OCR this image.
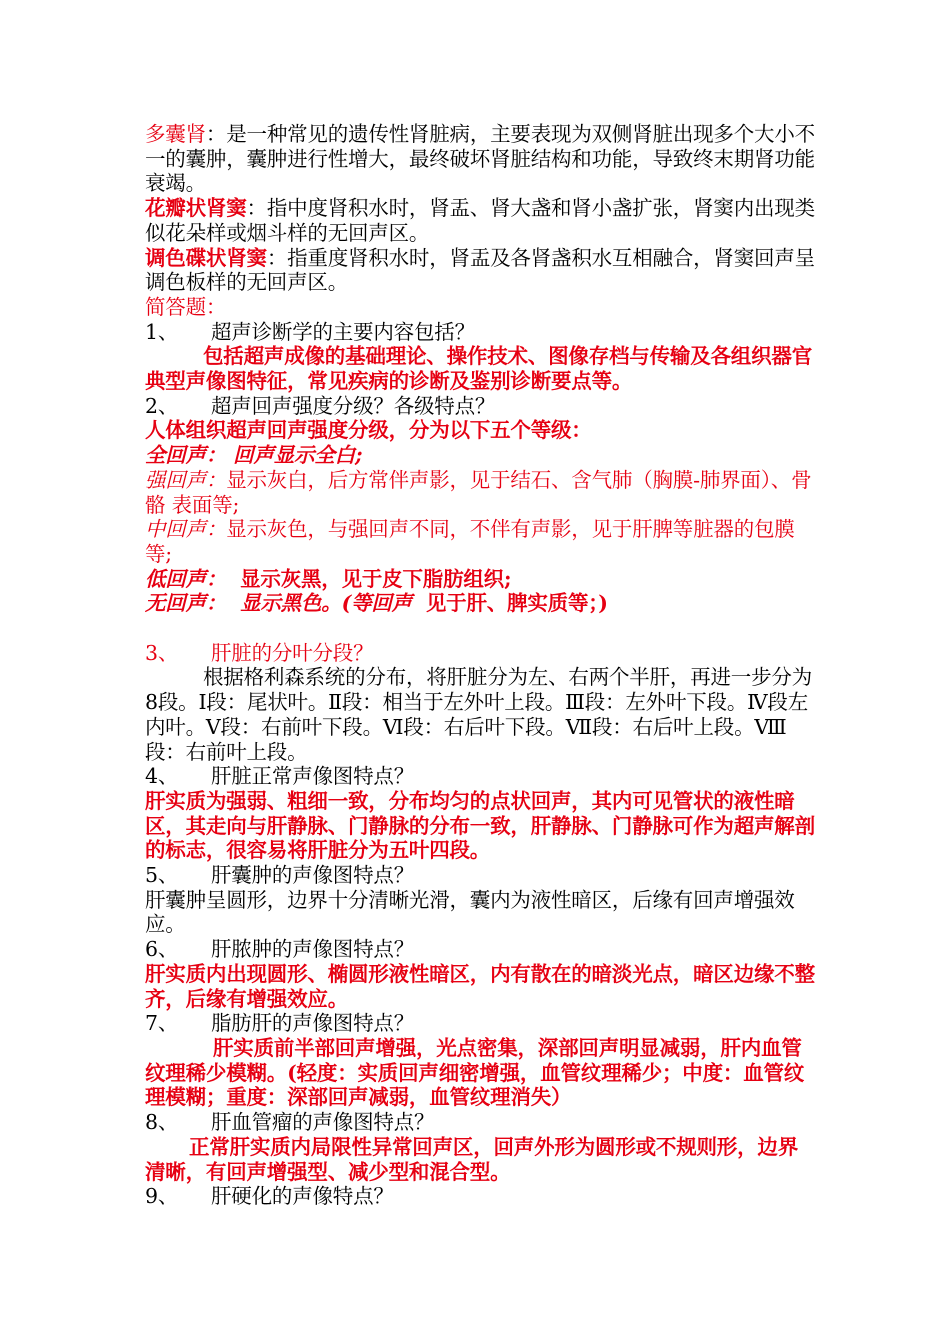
多囊肾：是一种常见的遗传性肾脏病，主要表现为双侧肾脏出现多个大小不一的囊肿，囊肿进行性增大，最终破坏肾脏结构和功能，导致终末期肾功能衰竭。

花瓣状肾窦：指中度肾积水时，肾盂、肾大盏和肾小盏扩张，肾窦内出现类似花朵样或烟斗样的无回声区。

调色碟状肾窦：指重度肾积水时，肾盂及各肾盏积水互相融合，肾窦回声呈调色板样的无回声区。

简答题：

1、 超声诊断学的主要内容包括？

包括超声成像的基础理论、操作技术、图像存档与传输及各组织器官典型声像图特征，常见疾病的诊断及鉴别诊断要点等。

2、 超声回声强度分级？各级特点？

人体组织超声回声强度分级，分为以下五个等级：

全回声： 回声显示全白;

强回声：显示灰白，后方常伴声影，见于结石、含气肺（胸膜-肺界面）、骨骼 表面等;

中回声：显示灰色，与强回声不同，不伴有声影，见于肝脾等脏器的包膜等;

低回声： 显示灰黑，见于皮下脂肪组织;

无回声： 显示黑色。(等回声 见于肝、脾实质等；)

3、 肝脏的分叶分段？

根据格利森系统的分布，将肝脏分为左、右两个半肝，再进一步分为8段。Ⅰ段：尾状叶。Ⅱ段：相当于左外叶上段。Ⅲ段：左外叶下段。Ⅳ段左内叶。Ⅴ段：右前叶下段。Ⅵ段：右后叶下段。Ⅶ段：右后叶上段。Ⅷ段：右前叶上段。

4、 肝脏正常声像图特点？

肝实质为强弱、粗细一致，分布均匀的点状回声，其内可见管状的液性暗区，其走向与肝静脉、门静脉的分布一致，肝静脉、门静脉可作为超声解剖的标志，很容易将肝脏分为五叶四段。

5、 肝囊肿的声像图特点？

肝囊肿呈圆形，边界十分清晰光滑，囊内为液性暗区，后缘有回声增强效应。

6、 肝脓肿的声像图特点？

肝实质内出现圆形、椭圆形液性暗区，内有散在的暗淡光点，暗区边缘不整齐，后缘有增强效应。

7、 脂肪肝的声像图特点？

肝实质前半部回声增强，光点密集，深部回声明显减弱，肝内血管纹理稀少模糊。(轻度：实质回声细密增强，血管纹理稀少；中度：血管纹理模糊；重度：深部回声减弱，血管纹理消失）

8、 肝血管瘤的声像图特点？

正常肝实质内局限性异常回声区，回声外形为圆形或不规则形，边界清晰，有回声增强型、减少型和混合型。

9、 肝硬化的声像特点？
